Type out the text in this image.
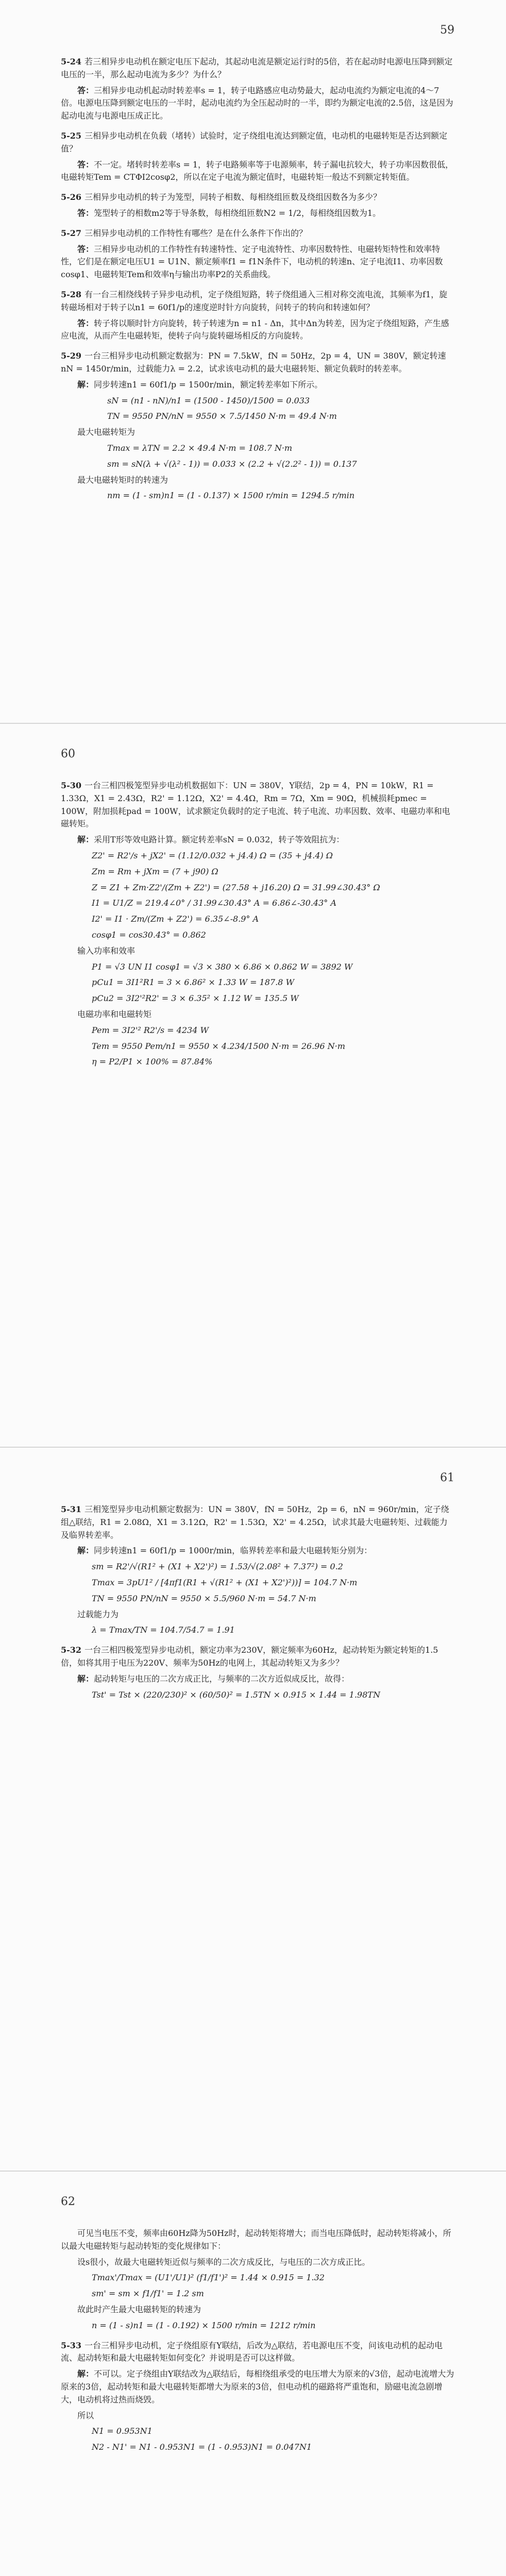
59

5-24 若三相异步电动机在额定电压下起动，其起动电流是额定运行时的5倍，若在起动时电源电压降到额定电压的一半，那么起动电流为多少？为什么？

答：三相异步电动机起动时转差率s = 1，转子电路感应电动势最大，起动电流约为额定电流的4～7倍。电源电压降到额定电压的一半时，起动电流约为全压起动时的一半，即约为额定电流的2.5倍，这是因为起动电流与电源电压成正比。

5-25 三相异步电动机在负载（堵转）试验时，定子绕组电流达到额定值，电动机的电磁转矩是否达到额定值？

答：不一定。堵转时转差率s = 1，转子电路频率等于电源频率，转子漏电抗较大，转子功率因数很低，电磁转矩Tem = CTΦI2cosφ2，所以在定子电流为额定值时，电磁转矩一般达不到额定转矩值。

5-26 三相异步电动机的转子为笼型，同转子相数、每相绕组匝数及绕组因数各为多少？

答：笼型转子的相数m2等于导条数，每相绕组匝数N2 = 1/2，每相绕组因数为1。

5-27 三相异步电动机的工作特性有哪些？是在什么条件下作出的？

答：三相异步电动机的工作特性有转速特性、定子电流特性、功率因数特性、电磁转矩特性和效率特性，它们是在额定电压U1 = U1N、额定频率f1 = f1N条件下，电动机的转速n、定子电流I1、功率因数cosφ1、电磁转矩Tem和效率η与输出功率P2的关系曲线。

5-28 有一台三相绕线转子异步电动机，定子绕组短路，转子绕组通入三相对称交流电流，其频率为f1，旋转磁场相对于转子以n1 = 60f1/p的速度逆时针方向旋转，问转子的转向和转速如何？

答：转子将以顺时针方向旋转，转子转速为n = n1 - Δn，其中Δn为转差，因为定子绕组短路，产生感应电流，从而产生电磁转矩，使转子向与旋转磁场相反的方向旋转。

5-29 一台三相异步电动机额定数据为：PN = 7.5kW，fN = 50Hz，2p = 4，UN = 380V，额定转速nN = 1450r/min，过载能力λ = 2.2，试求该电动机的最大电磁转矩、额定负载时的转差率。

解：同步转速n1 = 60f1/p = 1500r/min，额定转差率如下所示。

sN = (n1 - nN)/n1 = (1500 - 1450)/1500 = 0.033
TN = 9550 PN/nN = 9550 × 7.5/1450 N·m = 49.4 N·m
最大电磁转矩为
Tmax = λTN = 2.2 × 49.4 N·m = 108.7 N·m
sm = sN(λ + √(λ² - 1)) = 0.033 × (2.2 + √(2.2² - 1)) = 0.137
最大电磁转矩时的转速为
nm = (1 - sm)n1 = (1 - 0.137) × 1500 r/min = 1294.5 r/min
60

5-30 一台三相四极笼型异步电动机数据如下：UN = 380V，Y联结，2p = 4，PN = 10kW，R1 = 1.33Ω，X1 = 2.43Ω，R2' = 1.12Ω，X2' = 4.4Ω，Rm = 7Ω，Xm = 90Ω，机械损耗pmec = 100W，附加损耗pad = 100W，试求额定负载时的定子电流、转子电流、功率因数、效率、电磁功率和电磁转矩。

解：采用T形等效电路计算。额定转差率sN = 0.032，转子等效阻抗为：

Z2' = R2'/s + jX2' = (1.12/0.032 + j4.4) Ω = (35 + j4.4) Ω
Zm = Rm + jXm = (7 + j90) Ω
Z = Z1 + Zm·Z2'/(Zm + Z2') = (27.58 + j16.20) Ω = 31.99∠30.43° Ω
I1 = U1/Z = 219.4∠0° / 31.99∠30.43° A = 6.86∠-30.43° A
I2' = I1 · Zm/(Zm + Z2') = 6.35∠-8.9° A
cosφ1 = cos30.43° = 0.862
输入功率和效率
P1 = √3 UN I1 cosφ1 = √3 × 380 × 6.86 × 0.862 W = 3892 W
pCu1 = 3I1²R1 = 3 × 6.86² × 1.33 W = 187.8 W
pCu2 = 3I2'²R2' = 3 × 6.35² × 1.12 W = 135.5 W
电磁功率和电磁转矩
Pem = 3I2'² R2'/s = 4234 W
Tem = 9550 Pem/n1 = 9550 × 4.234/1500 N·m = 26.96 N·m
η = P2/P1 × 100% = 87.84%
61

5-31 三相笼型异步电动机额定数据为：UN = 380V，fN = 50Hz，2p = 6，nN = 960r/min，定子绕组△联结，R1 = 2.08Ω，X1 = 3.12Ω，R2' = 1.53Ω，X2' = 4.25Ω，试求其最大电磁转矩、过载能力及临界转差率。

解：同步转速n1 = 60f1/p = 1000r/min，临界转差率和最大电磁转矩分别为：

sm = R2'/√(R1² + (X1 + X2')²) = 1.53/√(2.08² + 7.37²) = 0.2
Tmax = 3pU1² / [4πf1(R1 + √(R1² + (X1 + X2')²))] = 104.7 N·m
TN = 9550 PN/nN = 9550 × 5.5/960 N·m = 54.7 N·m
过载能力为
λ = Tmax/TN = 104.7/54.7 = 1.91

5-32 一台三相四极笼型异步电动机，额定功率为230V，额定频率为60Hz，起动转矩为额定转矩的1.5倍，如将其用于电压为220V、频率为50Hz的电网上，其起动转矩又为多少？

解：起动转矩与电压的二次方成正比，与频率的二次方近似成反比，故得：

Tst' = Tst × (220/230)² × (60/50)² = 1.5TN × 0.915 × 1.44 = 1.98TN
62

可见当电压不变，频率由60Hz降为50Hz时，起动转矩将增大；而当电压降低时，起动转矩将减小，所以最大电磁转矩与起动转矩的变化规律如下：

设s很小，故最大电磁转矩近似与频率的二次方成反比，与电压的二次方成正比。

Tmax'/Tmax = (U1'/U1)² (f1/f1')² = 1.44 × 0.915 = 1.32
sm' = sm × f1/f1' = 1.2 sm
故此时产生最大电磁转矩的转速为
n = (1 - s)n1 = (1 - 0.192) × 1500 r/min = 1212 r/min

5-33 一台三相异步电动机，定子绕组原有Y联结，后改为△联结，若电源电压不变，问该电动机的起动电流、起动转矩和最大电磁转矩如何变化？并说明是否可以这样做。

解：不可以。定子绕组由Y联结改为△联结后，每相绕组承受的电压增大为原来的√3倍，起动电流增大为原来的3倍，起动转矩和最大电磁转矩都增大为原来的3倍，但电动机的磁路将严重饱和，励磁电流急剧增大，电动机将过热而烧毁。

所以
N1 = 0.953N1
N2 - N1' = N1 - 0.953N1 = (1 - 0.953)N1 = 0.047N1
